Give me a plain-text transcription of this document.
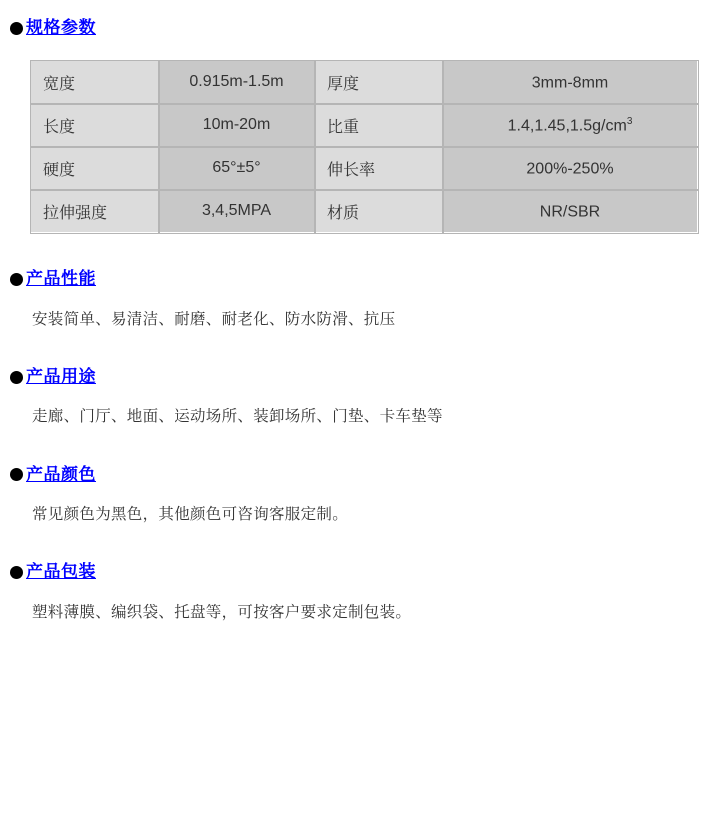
规格参数
宽度	0.915m-1.5m	厚度	3mm-8mm
长度	10m-20m	比重	$1.4,1.45,1.5g/cm^3$
硬度	65°±5°	伸长率	200%-250%
拉伸强度	3,4,5MPA	材质	NR/SBR
产品性能
安装简单、易清洁、耐磨、耐老化、防水防滑、抗压
产品用途
走廊、门厅、地面、运动场所、装卸场所、门垫、卡车垫等
产品颜色
常见颜色为黑色，其他颜色可咨询客服定制。
产品包装
塑料薄膜、编织袋、托盘等，可按客户要求定制包装。
